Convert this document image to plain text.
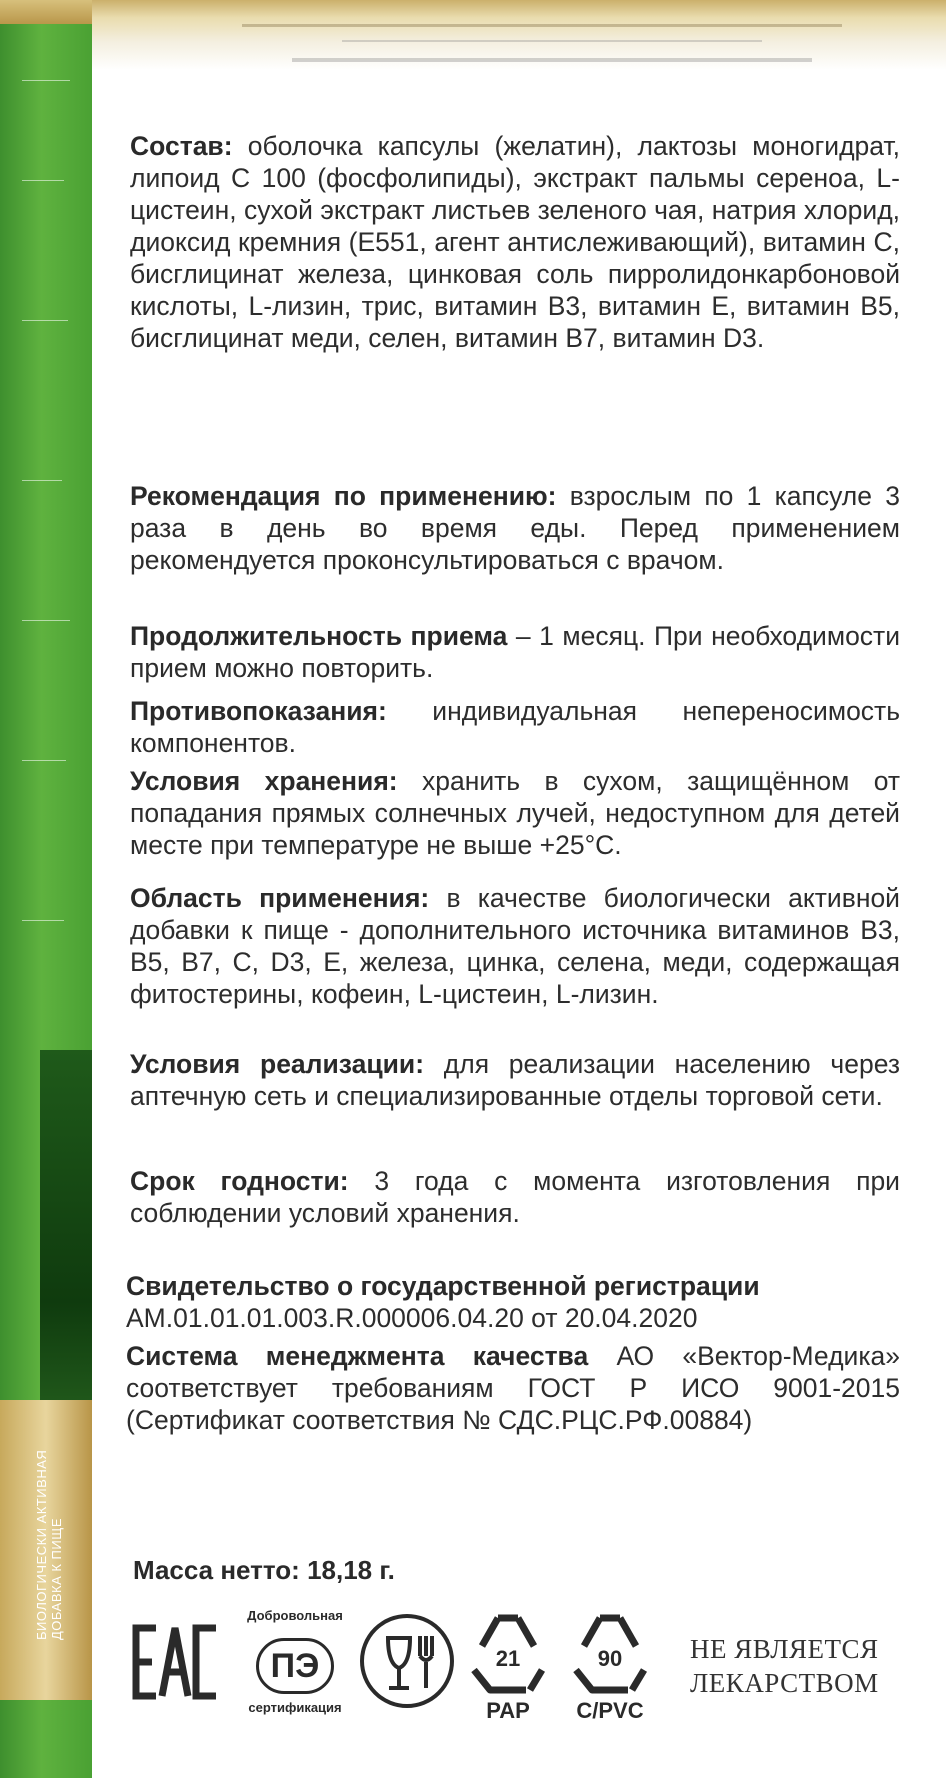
БИОЛОГИЧЕСКИ АКТИВНАЯ
ДОБАВКА К ПИЩЕ

Состав: оболочка капсулы (желатин), лактозы моногидрат, липоид С 100 (фосфолипиды), экстракт пальмы сереноа, L-цистеин, сухой экстракт листьев зеленого чая, натрия хлорид, диоксид кремния (Е551, агент антислеживающий), витамин С, бисглицинат железа, цинковая соль пирролидонкарбоновой кислоты, L-лизин, трис, витамин В3, витамин Е, витамин В5, бисглицинат меди, селен, витамин В7, витамин D3.

Рекомендация по применению: взрослым по 1 капсуле 3 раза в день во время еды. Перед применением рекомендуется проконсультироваться с врачом.

Продолжительность приема – 1 месяц. При необходимости прием можно повторить.

Противопоказания: индивидуальная непереносимость компонентов.

Условия хранения: хранить в сухом, защищённом от попадания прямых солнечных лучей, недоступном для детей месте при температуре не выше +25°С.

Область применения: в качестве биологически активной добавки к пище - дополнительного источника витаминов В3, В5, В7, С, D3, Е, железа, цинка, селена, меди, содержащая фитостерины, кофеин, L-цистеин, L-лизин.

Условия реализации: для реализации населению через аптечную сеть и специализированные отделы торговой сети.

Срок годности: 3 года с момента изготовления при соблюдении условий хранения.

Свидетельство о государственной регистрации
АМ.01.01.01.003.R.000006.04.20 от 20.04.2020

Система менеджмента качества АО «Вектор-Медика» соответствует требованиям ГОСТ Р ИСО 9001-2015 (Сертификат соответствия № СДС.РЦС.РФ.00884)

Масса нетто: 18,18 г.
Добровольная
ПЭ
сертификация
21
PAP
90
C/PVC
НЕ ЯВЛЯЕТСЯ
ЛЕКАРСТВОМ
